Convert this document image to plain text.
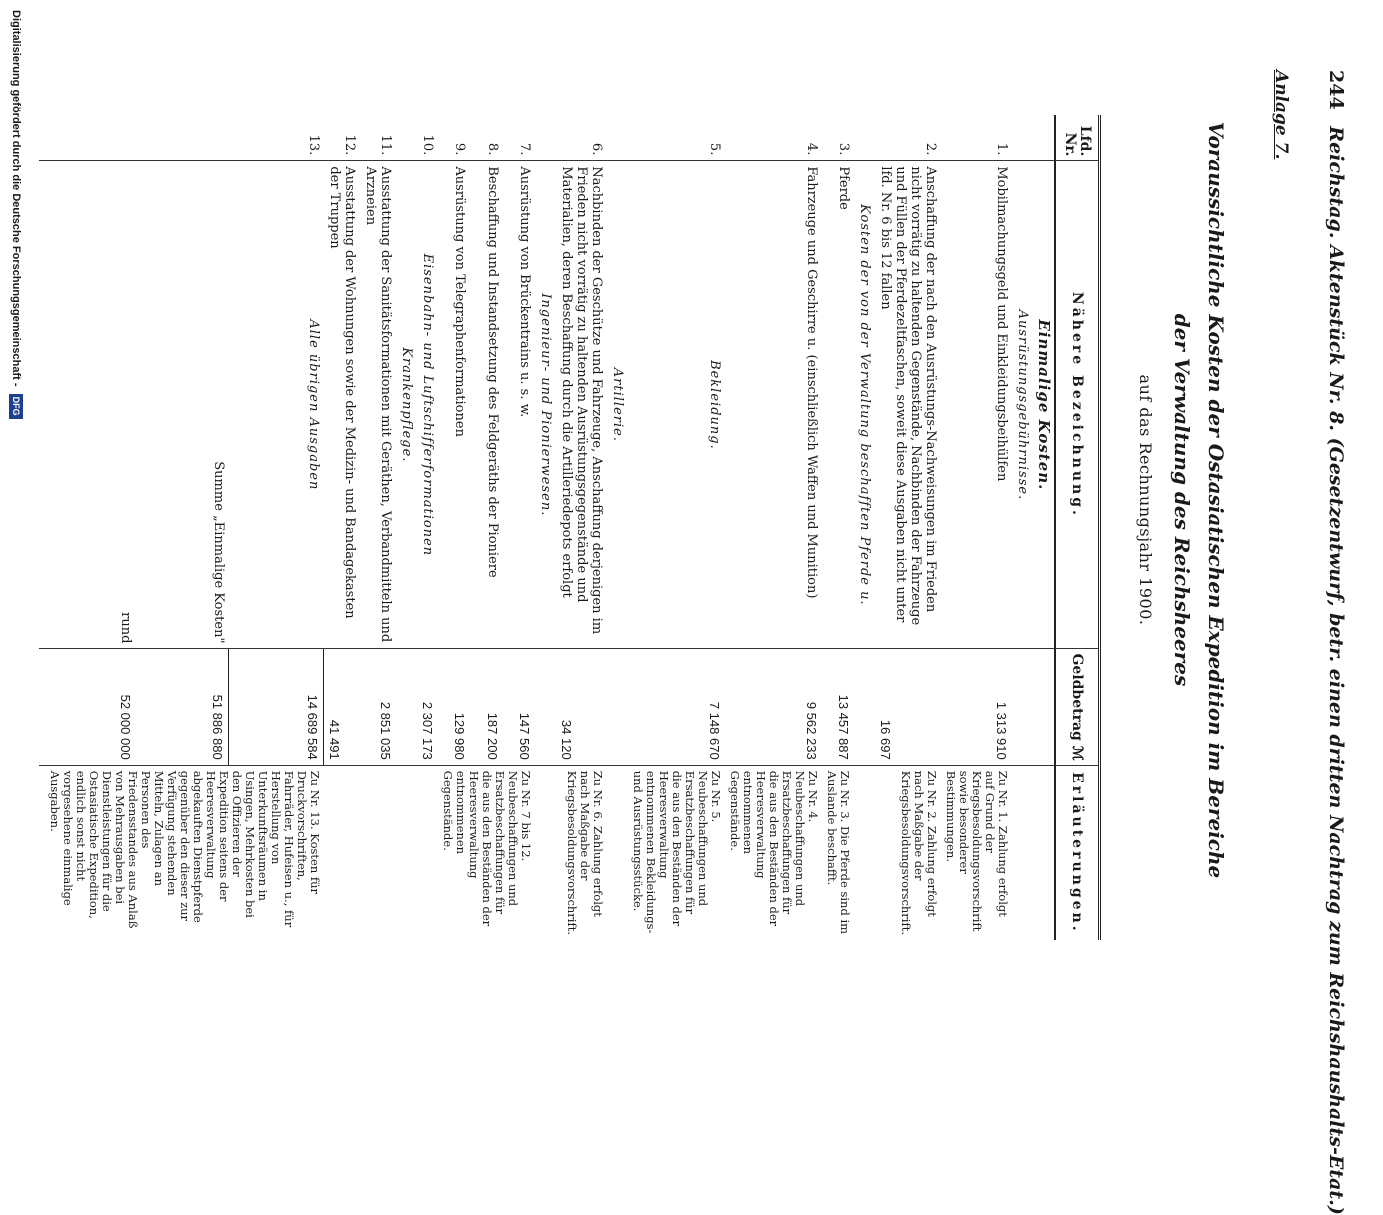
244 Reichstag. Aktenstück Nr. 8. (Gesetzentwurf, betr. einen dritten Nachtrag zum Reichshaushalts-Etat.)
Anlage 7.
Voraussichtliche Kosten der Ostasiatischen Expedition im Bereiche der Verwaltung des Reichsheeres
auf das Rechnungsjahr 1900.
Lfd. Nr.	Nähere Bezeichnung.	Geldbetrag ℳ	Erläuterungen.
	Einmalige Kosten.		
	Ausrüstungsgebührnisse.		
1.	Mobilmachungsgeld und Einkleidungsbeihülfen	1 313 910	Zu Nr. 1. Zahlung erfolgt auf Grund der Kriegsbesoldungsvorschrift sowie besonderer Bestimmungen.
2.	Anschaffung der nach den Ausrüstungs-Nachweisungen im Frieden nicht vorrätig zu haltenden Gegenstände, Nachbinden der Fahrzeuge und Füllen der Pferdezeltfaschen, soweit diese Ausgaben nicht unter lfd. Nr. 6 bis 12 fallen	16 697	Zu Nr. 2. Zahlung erfolgt nach Maßgabe der Kriegsbesoldungsvorschrift.
	Kosten der von der Verwaltung beschafften Pferde u.		
3.	Pferde	13 457 887	Zu Nr. 3. Die Pferde sind im Auslande beschafft.
4.	Fahrzeuge und Geschirre u. (einschließlich Waffen und Munition)	9 562 233	Zu Nr. 4. Neubeschaffungen und Ersatzbeschaffungen für die aus den Beständen der Heeresverwaltung entnommenen Gegenstände.
5.	Bekleidung.	7 148 670	Zu Nr. 5. Neubeschaffungen und Ersatzbeschaffungen für die aus den Beständen der Heeresverwaltung entnommenen Bekleidungs- und Ausrüstungsstücke.
	Artillerie.		
6.	Nachbinden der Geschütze und Fahrzeuge, Anschaffung derjenigen im Frieden nicht vorrätig zu haltenden Ausrüstungsgegenstände und Materialien, deren Beschaffung durch die Artilleriedepots erfolgt	34 120	Zu Nr. 6. Zahlung erfolgt nach Maßgabe der Kriegsbesoldungsvorschrift.
	Ingenieur- und Pionierwesen.		
7.	Ausrüstung von Brückentrains u. s. w.	147 560	Zu Nr. 7 bis 12. Neubeschaffungen und Ersatzbeschaffungen für die aus den Beständen der Heeresverwaltung entnommenen Gegenstände.
8.	Beschaffung und Instandsetzung des Feldgeräths der Pioniere	187 200	
9.	Ausrüstung von Telegraphenformationen	129 980	
10.	Eisenbahn- und Luftschifferformationen	2 307 173	
	Krankenpflege.		
11.	Ausstattung der Sanitätsformationen mit Geräthen, Verbandmitteln und Arzneien	2 851 035	
12.	Ausstattung der Wohnungen sowie der Medizin- und Bandagekasten der Truppen	41 491	
13.	Alle übrigen Ausgaben	14 689 584	Zu Nr. 13. Kosten für Druckvorschriften, Fahrräder, Hufeisen u., für Herstellung von Unterkunftsräumen in Usingen, Mehrkosten bei den Offizieren der Expedition seitens der Heeresverwaltung abgekauften Dienstpferde gegenüber den dieser zur Verfügung stehenden Mitteln, Zulagen an Personen des Friedensstandes aus Anlaß von Mehrausgaben bei Dienstleistungen für die Ostasiatische Expedition, endlich sonst nicht vorgesehene einmalige Ausgaben.
	Summe „Einmalige Kosten"	51 886 880	
	rund	52 000 000	

Digitalisierung gefördert durch die Deutsche Forschungsgemeinschaft - DFG
